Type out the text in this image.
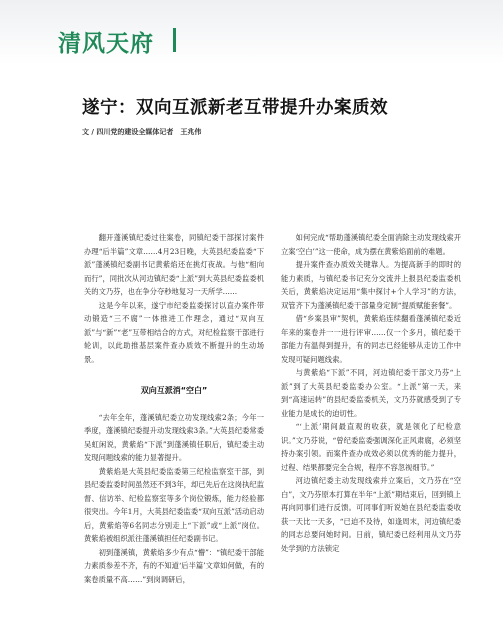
清风天府
遂宁：双向互派新老互带提升办案质效
文 / 四川党的建设全媒体记者　王兆伟

翻开蓬溪镇纪委过往案卷，同镇纪委干部探讨案件办理“后半篇”文章……4月23日晚，大英县纪委监委“下派”蓬溪镇纪委副书记黄紫焰还在挑灯夜战。与他“相向而行”，同批次从河边镇纪委“上派”到大英县纪委监委机关的文乃芬，也在争分夺秒地复习一天所学……

这是今年以来，遂宁市纪委监委探讨以直办案件带动锻造“三不腐”一体推进工作理念，通过“双向互派”与“新”“老”互带相结合的方式，对纪检监察干部进行轮训，以此助推基层案件查办质效不断提升的生动场景。

双向互派消“空白”

“去年全年，蓬溪镇纪委立功发现线索2条；今年一季度，蓬溪镇纪委提升动发现线索3条。”大英县纪委常委吴虹闲说，黄紫焰“下派”到蓬溪镇任职后，镇纪委主动发现问题线索的能力显著提升。

黄紫焰是大英县纪委监委第三纪检监察室干部，到县纪委监委时间虽然还不到3年，却已先后在这岗执纪监督、信访举、纪检监察室等多个岗位锻炼，能力经验都很突出。今年1月，大英县纪委监委“双向互派”活动启动后，黄紫焰等6名同志分别走上“下派”或“上派”岗位。黄紫焰被组织派往蓬溪镇担任纪委副书记。

初到蓬溪镇，黄紫焰多少有点“懵”：“镇纪委干部能力素质参差不齐，有的不知道‘后半篇’文章如何做，有的案卷质量不高……”到岗调研后，

如何完成“帮助蓬溪镇纪委全面消除主动发现线索开立案‘空白’”这一使命，成为摆在黄紫焰面前的难题。

提升案件查办质效关键靠人。为提高新手的即时的能力素质，与镇纪委书记充分交流并上报县纪委监委机关后，黄紫焰决定运用“集中探讨+个人学习”的方法，双管齐下为蓬溪镇纪委干部量身定制“提质赋能套餐”。

借“乡案县审”契机，黄紫焰连续翻看蓬溪镇纪委近年来的案卷并一一进行评审……仅一个多月，镇纪委干部能力有温得到提升，有的同志已经能够从走访工作中发现可疑问题线索。

与黄紫焰“下派”不同，河边镇纪委干部文乃芬“上派”到了大英县纪委监委办公室。“上派”第一天，来到“高速运转”的县纪委监委机关，文乃芬就感受到了专业能力是成长的迫切性。

“‘上派’期间最直观的收获，就是领化了纪检意识。”文乃芬说，“曾纪委监委强调深化正风肃腐，必须坚持办案引领。而案件查办成效必须以优秀的能力提升，过程、结果都要完全合规，程序不容忽视细节。”

河边镇纪委主动发现线索并立案后，文乃芬在“空白”，文乃芬原本打算在半年“上派”期结束后，回到镇上再向同事们进行反馈。可同事们听说她在县纪委监委收获一天比一天多，“已迫不及待，如逢周末，河边镇纪委的同志总要问她时间。日前，镇纪委已经利用从文乃芬处学到的方法锁定
